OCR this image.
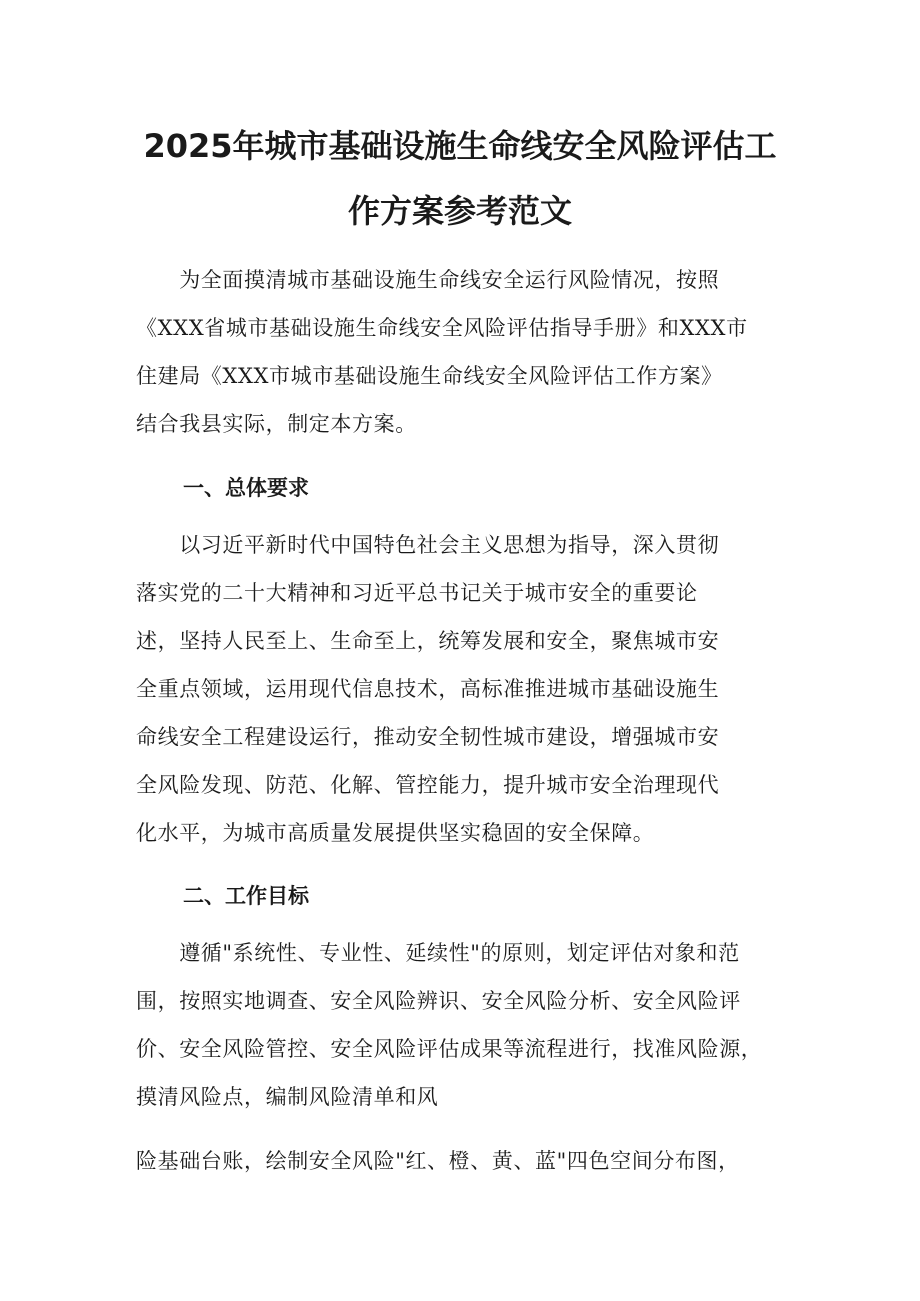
2025年城市基础设施生命线安全风险评估工
作方案参考范文
　　为全面摸清城市基础设施生命线安全运行风险情况，按照
《XXX省城市基础设施生命线安全风险评估指导手册》和XXX市
住建局《XXX市城市基础设施生命线安全风险评估工作方案》
结合我县实际，制定本方案。
一、总体要求
　　以习近平新时代中国特色社会主义思想为指导，深入贯彻
落实党的二十大精神和习近平总书记关于城市安全的重要论
述，坚持人民至上、生命至上，统筹发展和安全，聚焦城市安
全重点领域，运用现代信息技术，高标准推进城市基础设施生
命线安全工程建设运行，推动安全韧性城市建设，增强城市安
全风险发现、防范、化解、管控能力，提升城市安全治理现代
化水平，为城市高质量发展提供坚实稳固的安全保障。
二、工作目标
　　遵循"系统性、专业性、延续性"的原则，划定评估对象和范
围，按照实地调查、安全风险辨识、安全风险分析、安全风险评
价、安全风险管控、安全风险评估成果等流程进行，找准风险源，
摸清风险点，编制风险清单和风
险基础台账，绘制安全风险"红、橙、黄、蓝"四色空间分布图，
